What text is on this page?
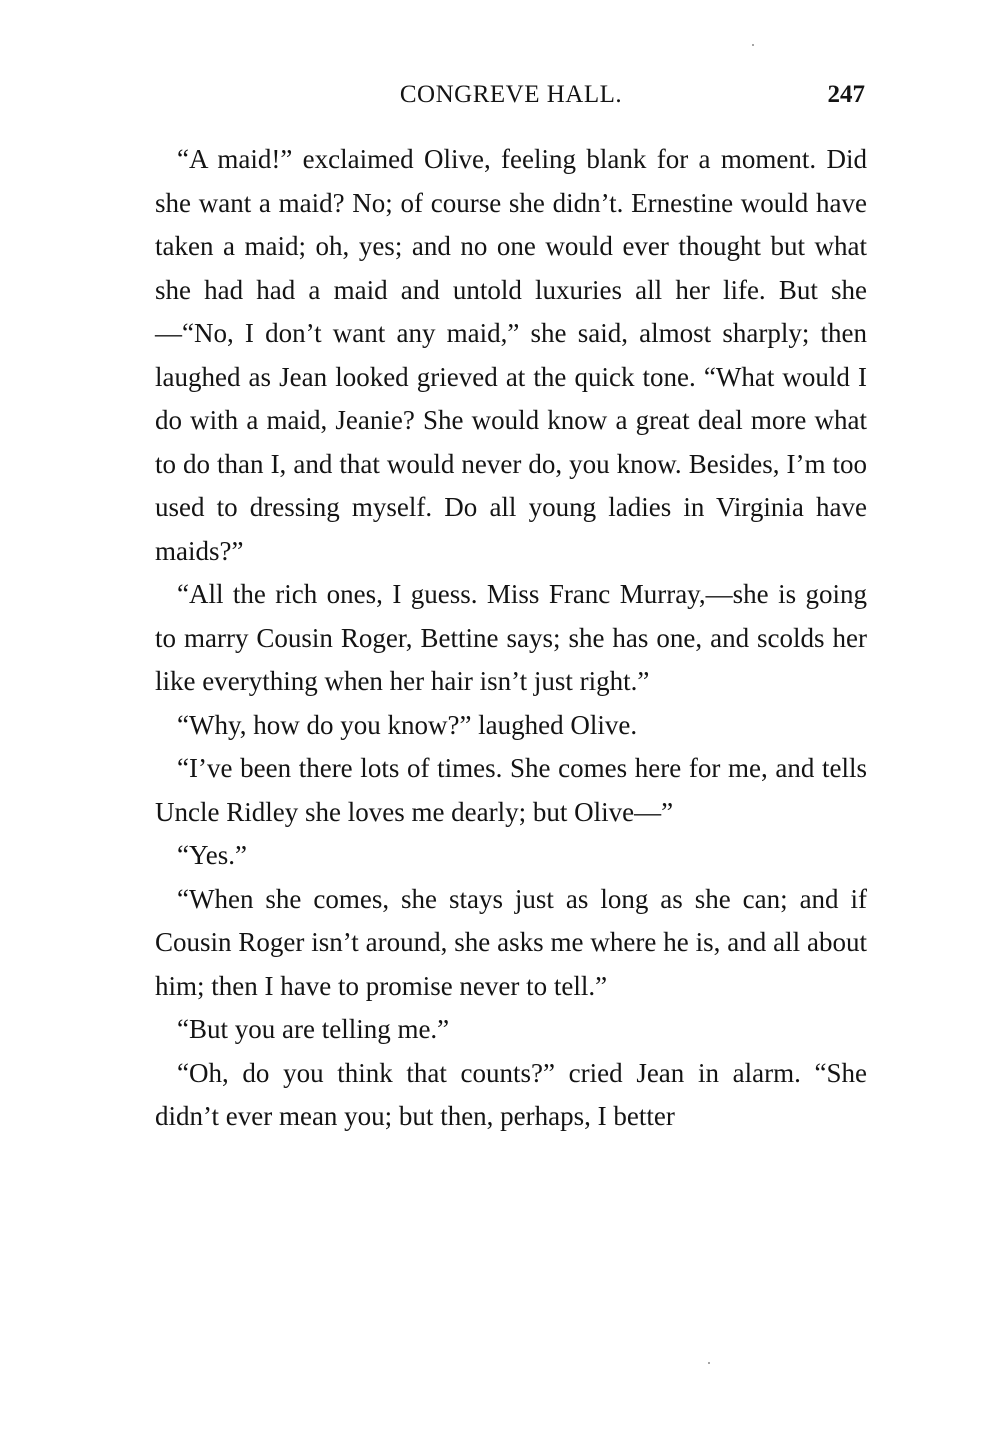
CONGREVE HALL.	247

“A maid!” exclaimed Olive, feeling blank for a moment. Did she want a maid? No; of course she didn’t. Ernestine would have taken a maid; oh, yes; and no one would ever thought but what she had had a maid and untold luxuries all her life. But she—“No, I don’t want any maid,” she said, almost sharply; then laughed as Jean looked grieved at the quick tone. “What would I do with a maid, Jeanie? She would know a great deal more what to do than I, and that would never do, you know. Besides, I’m too used to dressing myself. Do all young ladies in Virginia have maids?”

“All the rich ones, I guess. Miss Franc Murray,—she is going to marry Cousin Roger, Bettine says; she has one, and scolds her like everything when her hair isn’t just right.”

“Why, how do you know?” laughed Olive.

“I’ve been there lots of times. She comes here for me, and tells Uncle Ridley she loves me dearly; but Olive—”

“Yes.”

“When she comes, she stays just as long as she can; and if Cousin Roger isn’t around, she asks me where he is, and all about him; then I have to promise never to tell.”

“But you are telling me.”

“Oh, do you think that counts?” cried Jean in alarm. “She didn’t ever mean you; but then, perhaps, I better
